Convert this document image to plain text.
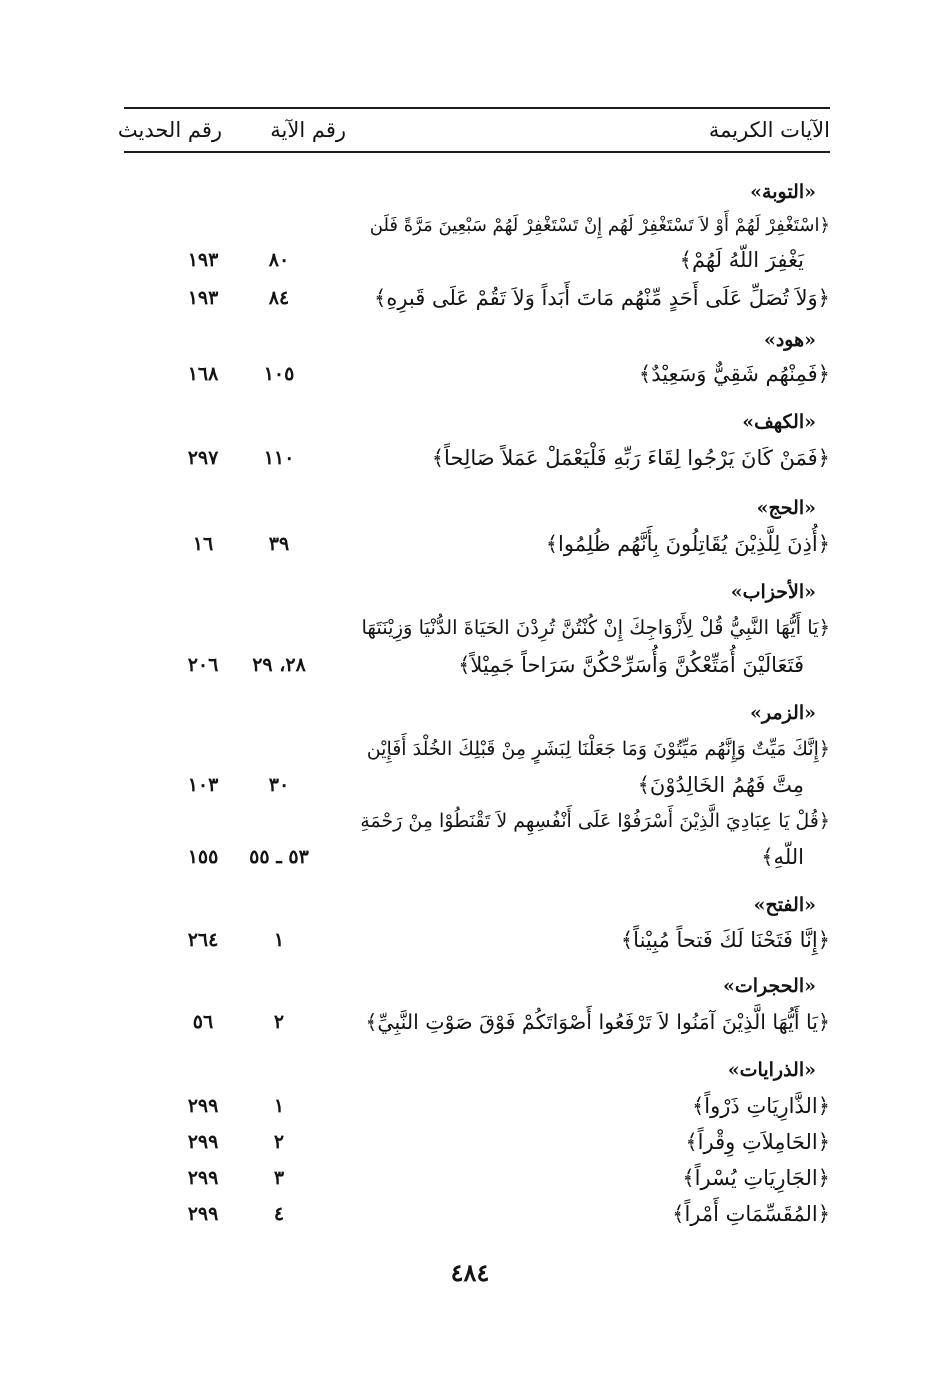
الآيات الكريمة
رقم الآية
رقم الحديث
«التوبة»
﴿اسْتَغْفِرْ لَهُمْ أَوْ لاَ تَسْتَغْفِرْ لَهُم إِنْ تَسْتَغْفِرْ لَهُمْ سَبْعِينَ مَرَّةً فَلَن
يَغْفِرَ اللّهُ لَهُمْ﴾
٨٠
١٩٣
﴿وَلاَ تُصَلِّ عَلَى أَحَدٍ مِّنْهُم مَاتَ أَبَداً وَلاَ تَقُمْ عَلَى قَبرِهِ﴾
٨٤
١٩٣
«هود»
﴿فَمِنْهُم شَقِيٌّ وَسَعِيْدٌ﴾
١٠٥
١٦٨
«الكهف»
﴿فَمَنْ كَانَ يَرْجُوا لِقَاءَ رَبِّهِ فَلْيَعْمَلْ عَمَلاً صَالِحاً﴾
١١٠
٢٩٧
«الحج»
﴿أُذِنَ لِلَّذِيْنَ يُقَاتِلُونَ بِأَنَّهُم ظُلِمُوا﴾
٣٩
١٦
«الأحزاب»
﴿يَا أَيُّهَا النَّبِيُّ قُلْ لِأَزْوَاجِكَ إِنْ كُنْتُنَّ تُرِدْنَ الحَيَاةَ الدُّنْيَا وَزِيْنَتَهَا
فَتَعَالَيْنَ أُمَتِّعْكُنَّ وَأُسَرِّحْكُنَّ سَرَاحاً جَمِيْلاً﴾
٢٨، ٢٩
٢٠٦
«الزمر»
﴿إِنَّكَ مَيِّتٌ وَإِنَّهُم مَيِّتُوْنَ وَمَا جَعَلْنَا لِبَشَرٍ مِنْ قَبْلِكَ الخُلْدَ أَفَإِيْن
مِتَّ فَهُمُ الخَالِدُوْنَ﴾
٣٠
١٠٣
﴿قُلْ يَا عِبَادِيَ الَّذِيْنَ أَسْرَفُوْا عَلَى أَنْفُسِهِم لاَ تَقْنَطُوْا مِنْ رَحْمَةِ
اللّهِ﴾
٥٣ ـ ٥٥
١٥٥
«الفتح»
﴿إِنَّا فَتَحْنَا لَكَ فَتحاً مُبِيْناً﴾
١
٢٦٤
«الحجرات»
﴿يَا أَيُّهَا الَّذِيْنَ آمَنُوا لاَ تَرْفَعُوا أَصْوَاتَكُمْ فَوْقَ صَوْتِ النَّبِيِّ﴾
٢
٥٦
«الذرايات»
﴿الذَّارِيَاتِ ذَرْواً﴾
١
٢٩٩
﴿الحَامِلاَتِ وِقْراً﴾
٢
٢٩٩
﴿الجَارِيَاتِ يُسْراً﴾
٣
٢٩٩
﴿المُقَسِّمَاتِ أَمْراً﴾
٤
٢٩٩
٤٨٤
